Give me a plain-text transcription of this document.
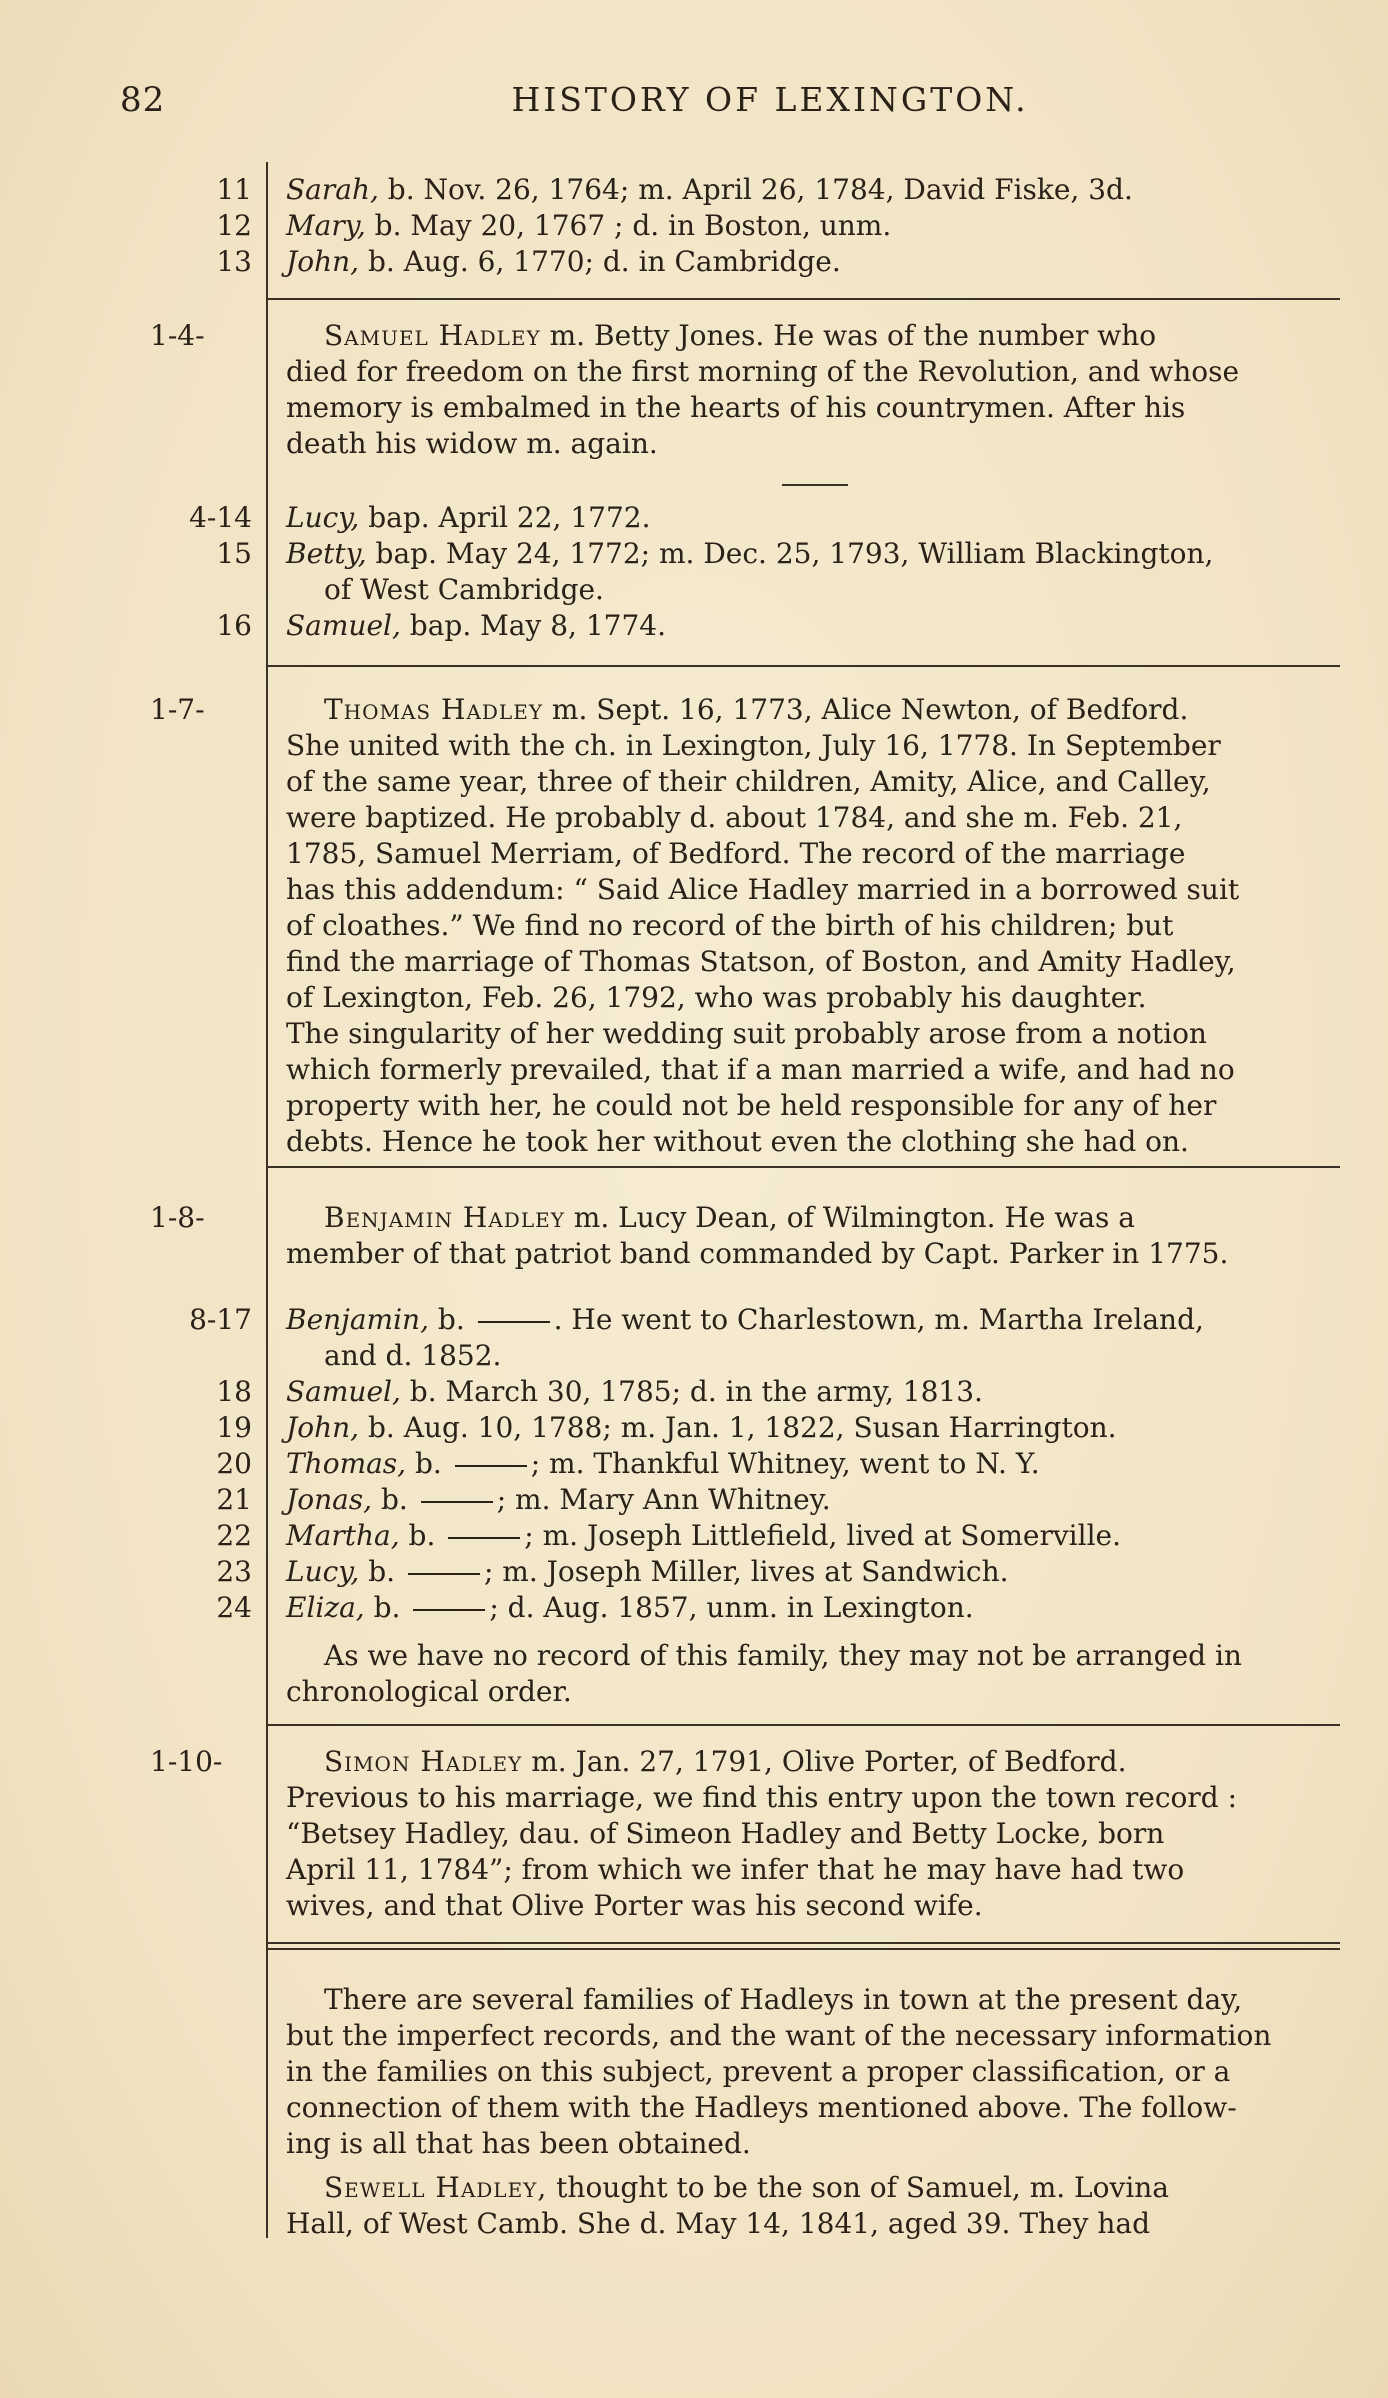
82	HISTORY OF LEXINGTON.
11 Sarah, b. Nov. 26, 1764; m. April 26, 1784, David Fiske, 3d.
12 Mary, b. May 20, 1767 ; d. in Boston, unm.
13 John, b. Aug. 6, 1770; d. in Cambridge.
1-4-	Samuel Hadley m. Betty Jones. He was of the number who

died for freedom on the first morning of the Revolution, and whose

memory is embalmed in the hearts of his countrymen. After his

death his widow m. again.

4-14 Lucy, bap. April 22, 1772.
15 Betty, bap. May 24, 1772; m. Dec. 25, 1793, William Blackington,

of West Cambridge.

16 Samuel, bap. May 8, 1774.
1-7-	Thomas Hadley m. Sept. 16, 1773, Alice Newton, of Bedford.

She united with the ch. in Lexington, July 16, 1778. In September

of the same year, three of their children, Amity, Alice, and Calley,

were baptized. He probably d. about 1784, and she m. Feb. 21,

1785, Samuel Merriam, of Bedford. The record of the marriage

has this addendum: “ Said Alice Hadley married in a borrowed suit

of cloathes.” We find no record of the birth of his children; but

find the marriage of Thomas Statson, of Boston, and Amity Hadley,

of Lexington, Feb. 26, 1792, who was probably his daughter.

The singularity of her wedding suit probably arose from a notion

which formerly prevailed, that if a man married a wife, and had no

property with her, he could not be held responsible for any of her

debts. Hence he took her without even the clothing she had on.

1-8-	Benjamin Hadley m. Lucy Dean, of Wilmington. He was a

member of that patriot band commanded by Capt. Parker in 1775.

8-17 Benjamin, b.	. He went to Charlestown, m. Martha Ireland,

and d. 1852.

18 Samuel, b. March 30, 1785; d. in the army, 1813.
19 John, b. Aug. 10, 1788; m. Jan. 1, 1822, Susan Harrington.
20 Thomas, b.	; m. Thankful Whitney, went to N. Y.
21 Jonas, b.	; m. Mary Ann Whitney.
22 Martha, b.	; m. Joseph Littlefield, lived at Somerville.
23 Lucy, b.	; m. Joseph Miller, lives at Sandwich.
24 Eliza, b.	; d. Aug. 1857, unm. in Lexington.

As we have no record of this family, they may not be arranged in

chronological order.

1-10-	Simon Hadley m. Jan. 27, 1791, Olive Porter, of Bedford.

Previous to his marriage, we find this entry upon the town record :

“Betsey Hadley, dau. of Simeon Hadley and Betty Locke, born

April 11, 1784”; from which we infer that he may have had two

wives, and that Olive Porter was his second wife.

There are several families of Hadleys in town at the present day,

but the imperfect records, and the want of the necessary information

in the families on this subject, prevent a proper classification, or a

connection of them with the Hadleys mentioned above. The follow-

ing is all that has been obtained.

Sewell Hadley, thought to be the son of Samuel, m. Lovina

Hall, of West Camb. She d. May 14, 1841, aged 39. They had
